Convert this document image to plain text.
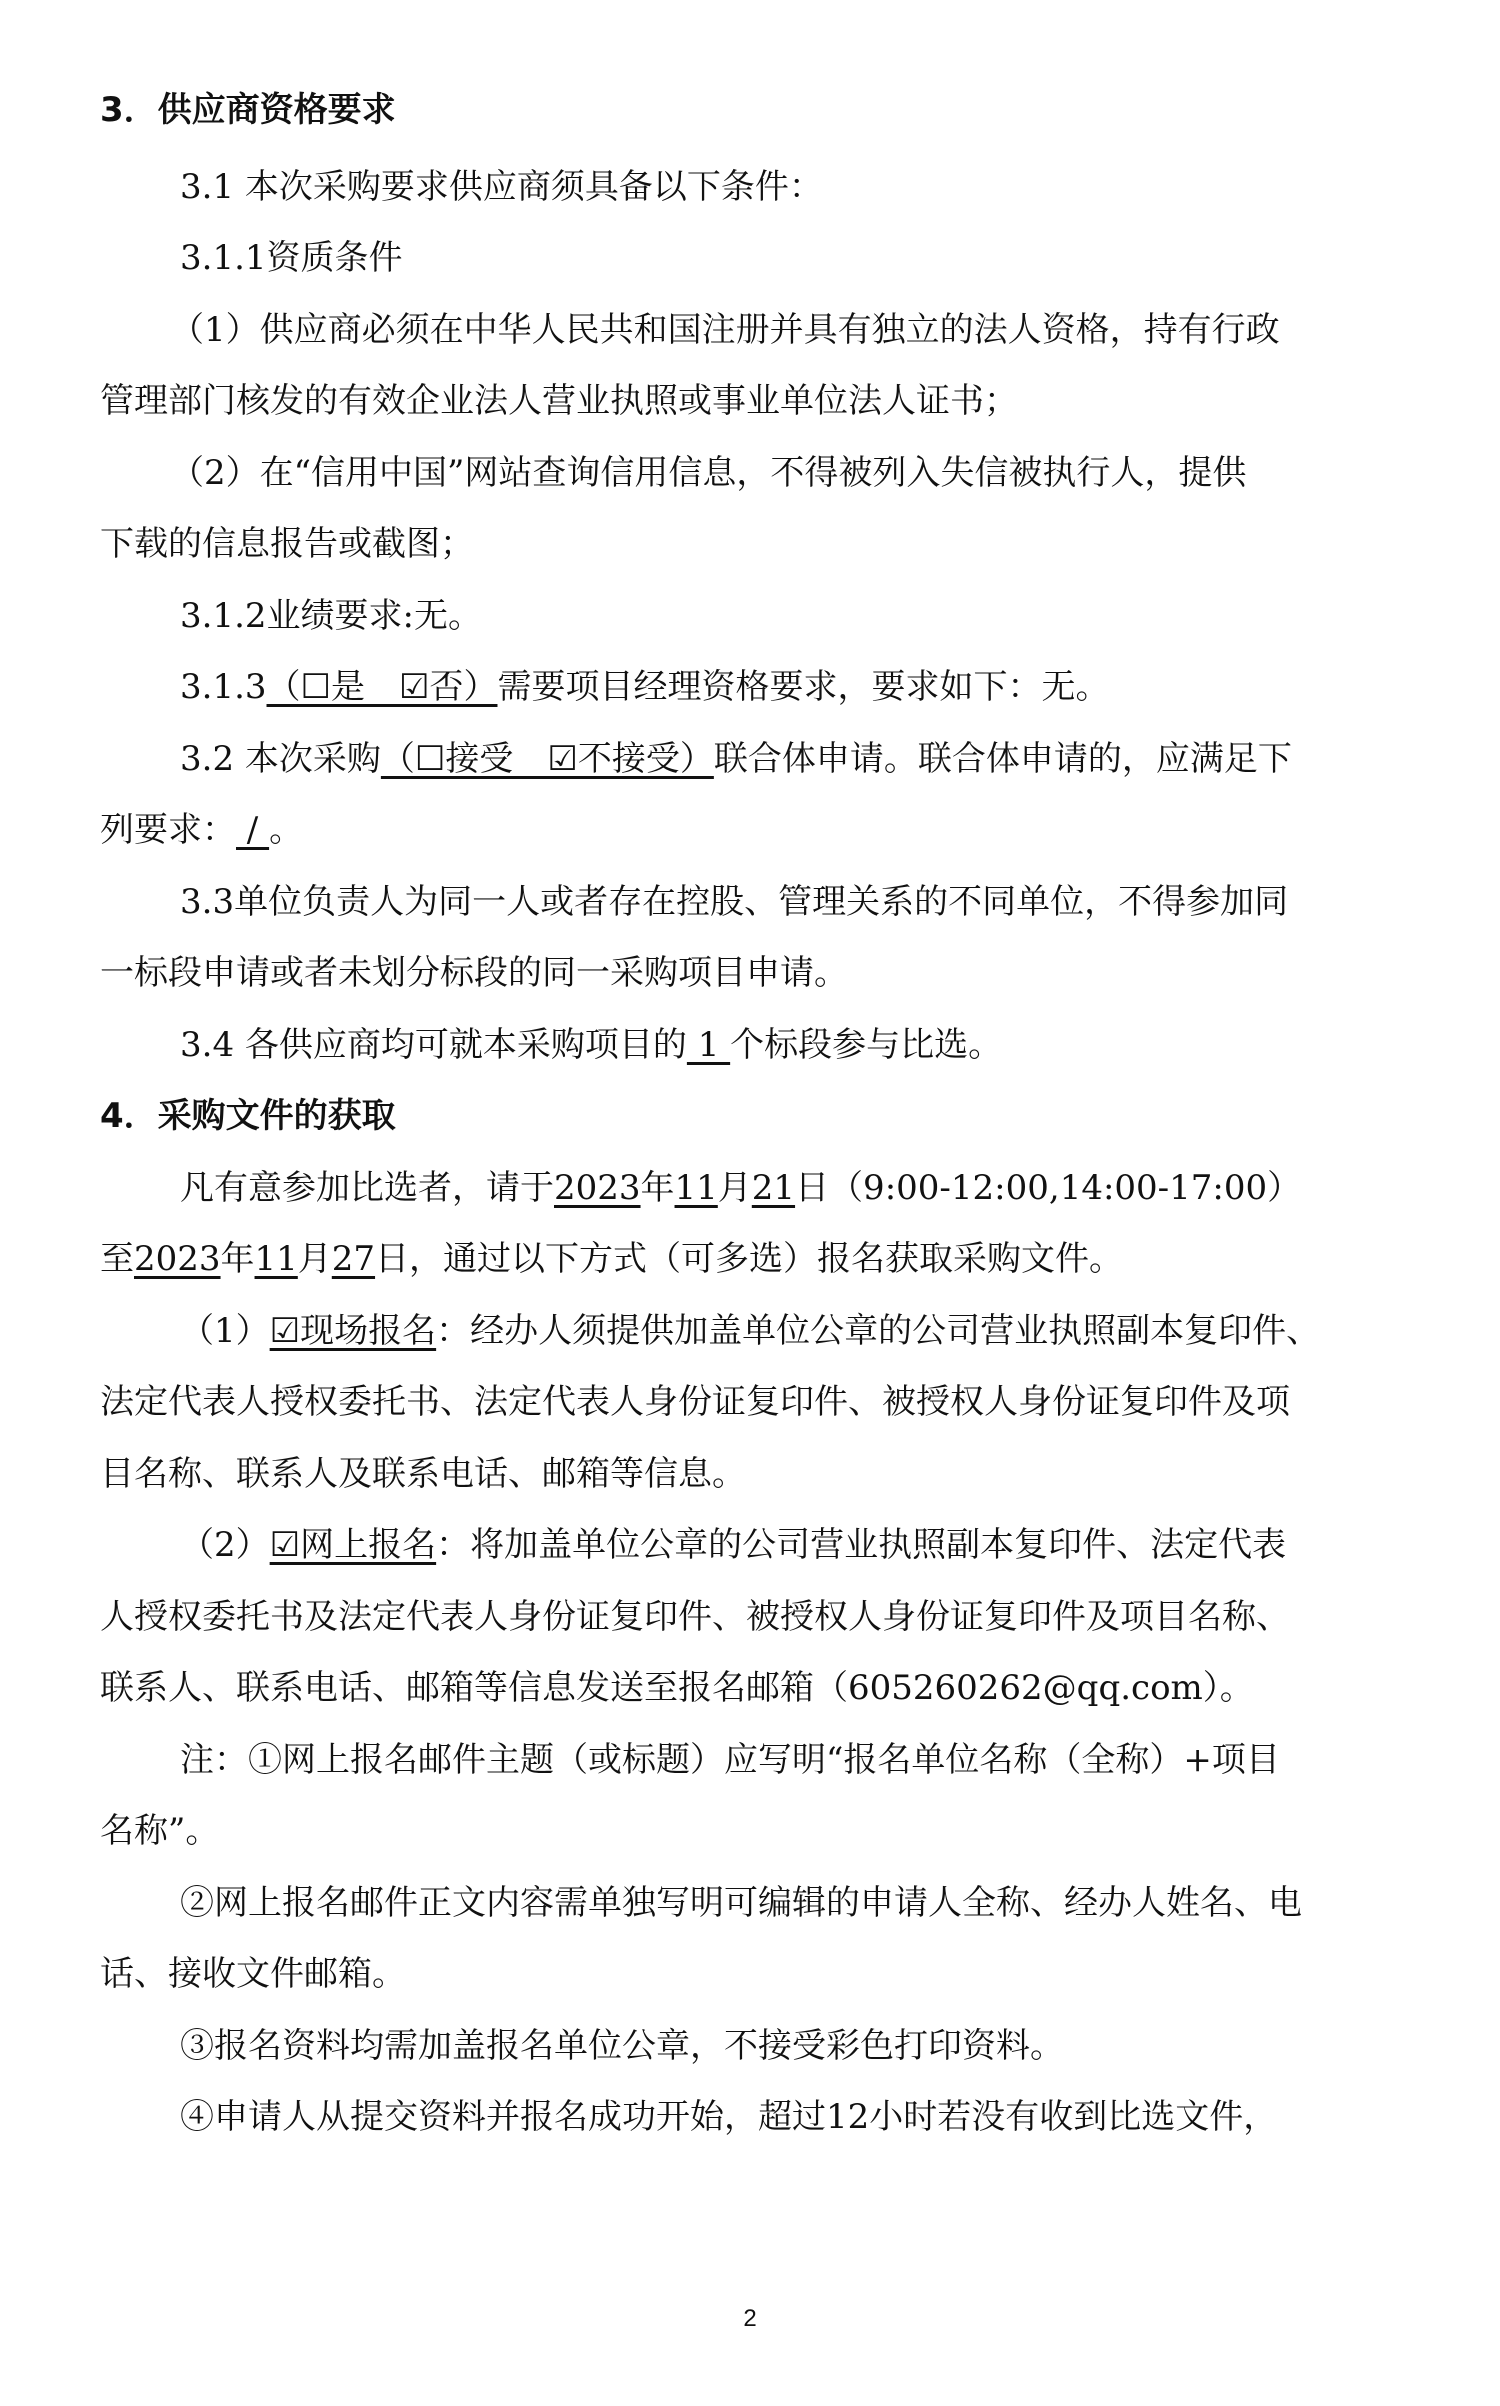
3．供应商资格要求
3.1 本次采购要求供应商须具备以下条件：
3.1.1资质条件
（1）供应商必须在中华人民共和国注册并具有独立的法人资格，持有行政
管理部门核发的有效企业法人营业执照或事业单位法人证书；
（2）在“信用中国”网站查询信用信息，不得被列入失信被执行人，提供
下载的信息报告或截图；
3.1.2业绩要求:无。
3.1.3（☐是　☑否）需要项目经理资格要求，要求如下：无。
3.2 本次采购（☐接受　☑不接受）联合体申请。联合体申请的，应满足下
列要求： / 。
3.3单位负责人为同一人或者存在控股、管理关系的不同单位，不得参加同
一标段申请或者未划分标段的同一采购项目申请。
3.4 各供应商均可就本采购项目的 1 个标段参与比选。
4．采购文件的获取
凡有意参加比选者，请于2023年11月21日（9:00-12:00,14:00-17:00）
至2023年11月27日，通过以下方式（可多选）报名获取采购文件。
（1）☑现场报名：经办人须提供加盖单位公章的公司营业执照副本复印件、
法定代表人授权委托书、法定代表人身份证复印件、被授权人身份证复印件及项
目名称、联系人及联系电话、邮箱等信息。
（2）☑网上报名：将加盖单位公章的公司营业执照副本复印件、法定代表
人授权委托书及法定代表人身份证复印件、被授权人身份证复印件及项目名称、
联系人、联系电话、邮箱等信息发送至报名邮箱（605260262@qq.com）。
注：①网上报名邮件主题（或标题）应写明“报名单位名称（全称）+项目
名称”。
②网上报名邮件正文内容需单独写明可编辑的申请人全称、经办人姓名、电
话、接收文件邮箱。
③报名资料均需加盖报名单位公章，不接受彩色打印资料。
④申请人从提交资料并报名成功开始，超过12小时若没有收到比选文件，
2
